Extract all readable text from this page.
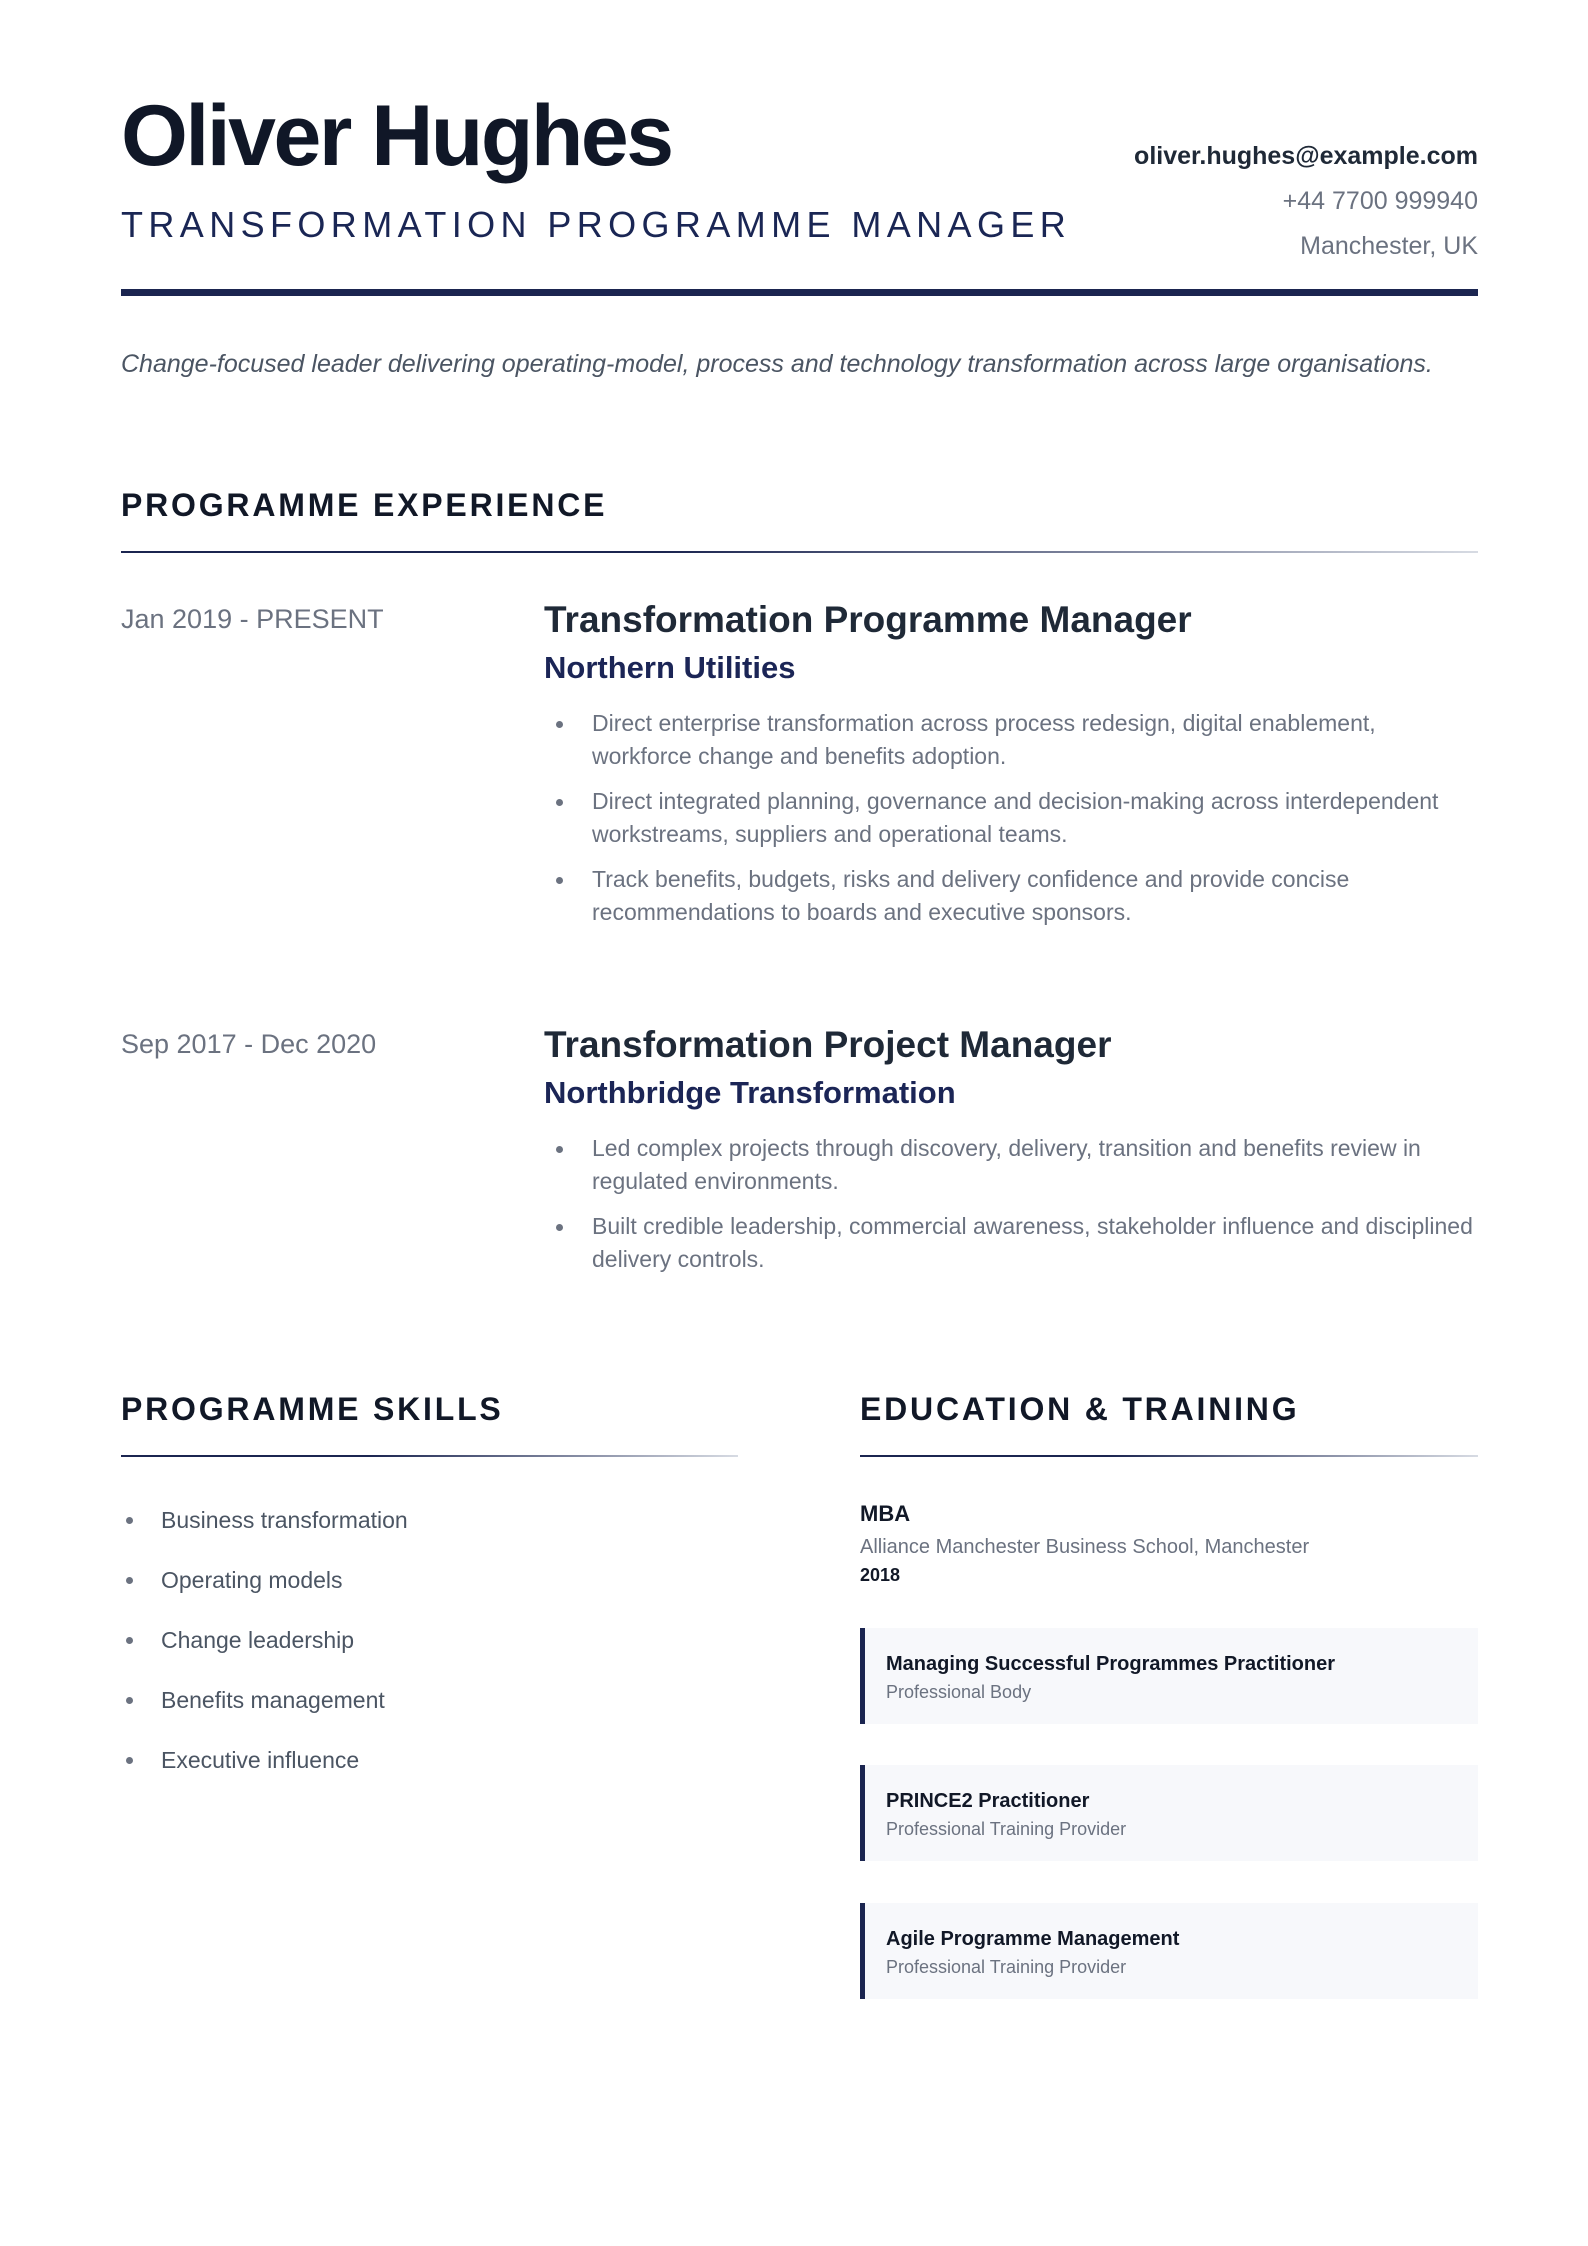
Oliver Hughes
TRANSFORMATION PROGRAMME MANAGER
oliver.hughes@example.com
+44 7700 999940
Manchester, UK
Change-focused leader delivering operating-model, process and technology transformation across large organisations.
PROGRAMME EXPERIENCE
Jan 2019 - PRESENT	Transformation Programme Manager
Northern Utilities
Direct enterprise transformation across process redesign, digital enablement, workforce change and benefits adoption.
Direct integrated planning, governance and decision-making across interdependent workstreams, suppliers and operational teams.
Track benefits, budgets, risks and delivery confidence and provide concise recommendations to boards and executive sponsors.
Sep 2017 - Dec 2020	Transformation Project Manager
Northbridge Transformation
Led complex projects through discovery, delivery, transition and benefits review in regulated environments.
Built credible leadership, commercial awareness, stakeholder influence and disciplined delivery controls.
PROGRAMME SKILLS
Business transformation
Operating models
Change leadership
Benefits management
Executive influence
EDUCATION & TRAINING
MBA
Alliance Manchester Business School, Manchester
2018
Managing Successful Programmes Practitioner
Professional Body
PRINCE2 Practitioner
Professional Training Provider
Agile Programme Management
Professional Training Provider
